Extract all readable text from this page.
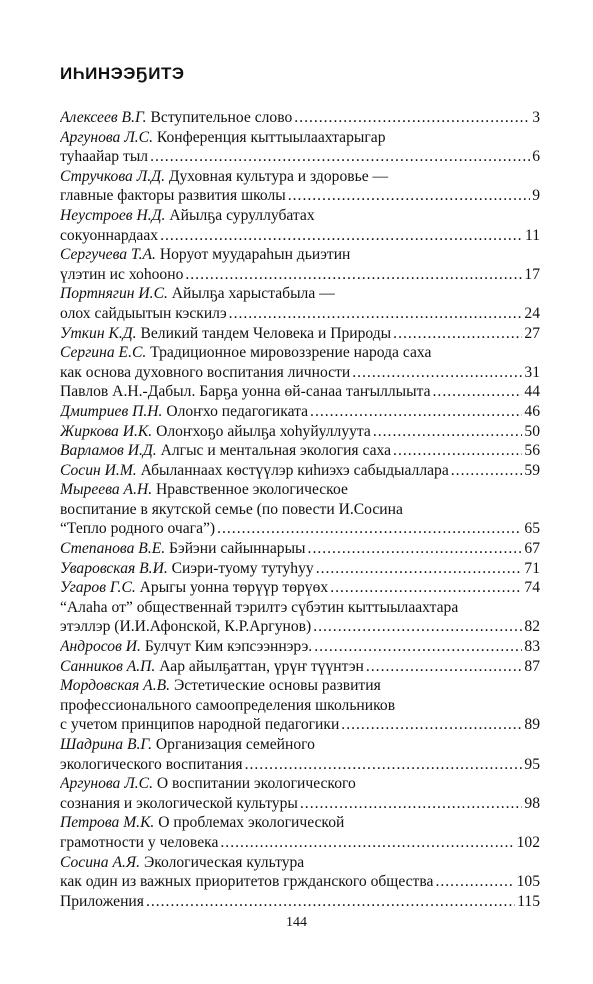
ИҺИНЭЭҔИТЭ
Алексеев В.Г. Вступительное слово .....	3
Аргунова Л.С. Конференция кыттыылаахтарыгар
туһаайар тыл .....	6
Стручкова Л.Д. Духовная культура и здоровье —
главные факторы развития школы .....	9
Неустроев Н.Д. Айылҕа суруллубатах
сокуоннардаах .....	11
Сергучева Т.А. Норуот муударaһын дьиэтин
үлэтин ис хоһооно .....	17
Портнягин И.С. Айылҕа харыстабыла —
олох сайдыытын кэскилэ .....	24
Уткин К.Д. Великий тандем Человека и Природы .....	27
Сергина Е.С. Традиционное мировоззрение народа саха
как основа духовного воспитания личности .....	31
Павлов А.Н.-Дабыл. Барҕа уонна өй-санаа таҥыллыыта .....	44
Дмитриев П.Н. Олоҥхо педагогиката .....	46
Жиркова И.К. Олоҥхоҕо айылҕа хоһуйуллуута .....	50
Варламов И.Д. Алгыс и ментальная экология саха .....	56
Сосин И.М. Абыланнаах көстүүлэр киһиэхэ сабыдыаллара .....	59
Мыреева А.Н. Нравственное экологическое
воспитание в якутской семье (по повести И.Сосина
“Тепло родного очага”) .....	65
Степанова В.Е. Бэйэни сайыннарыы .....	67
Уваровская В.И. Сиэри-туому тутуһуу .....	71
Угаров Г.С. Арыгы уонна төрүүр төрүөх .....	74
“Алаhа от” общественнай тэрилтэ сүбэтин кыттыылаахтара
этэллэр (И.И.Афонской, К.Р.Аргунов) .....	82
Андросов И. Булчут Ким кэпсээннэрэ. .....	83
Санников А.П. Аар айылҕаттан, үрүҥ түүнтэн .....	87
Мордовская А.В. Эстетические основы развития
профессионального самоопределения школьников
с учетом принципов народной педагогики .....	89
Шадрина В.Г. Организация семейного
экологического воспитания .....	95
Аргунова Л.С. О воспитании экологического
сознания и экологической культуры .....	98
Петрова М.К. О проблемах экологической
грамотности у человека .....	102
Сосина А.Я. Экологическая культура
как один из важных приоритетов грждaнского общества .....	105
Приложения .....	115
144
